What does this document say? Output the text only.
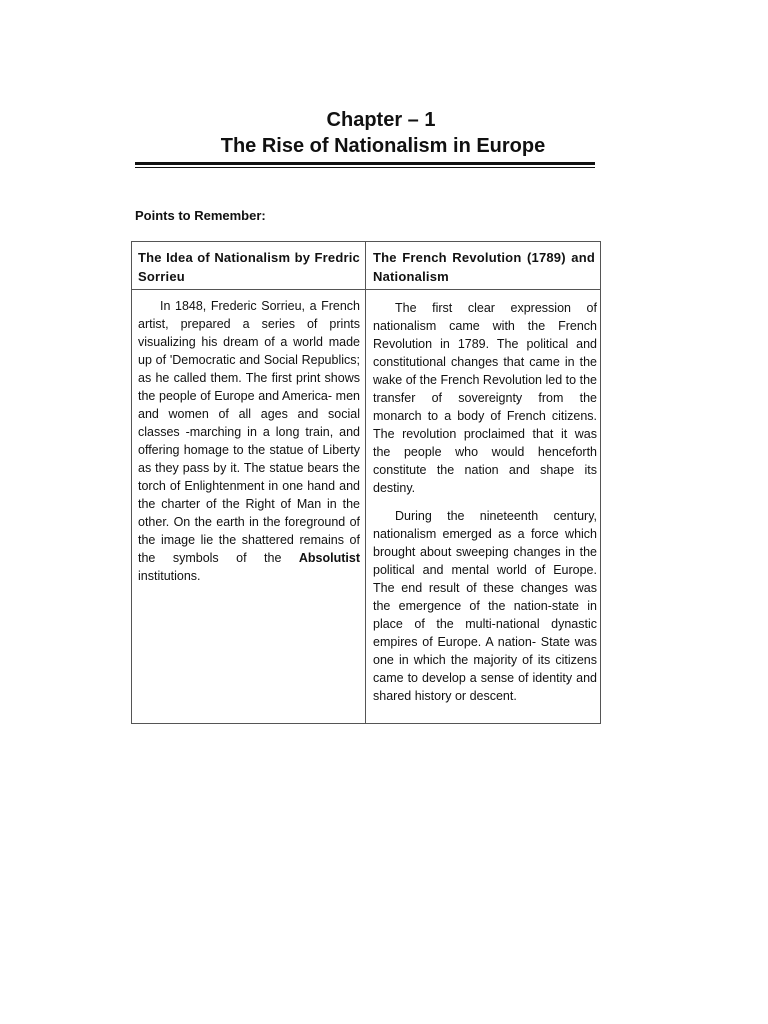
Chapter – 1
The Rise of Nationalism in Europe
Points to Remember:
The Idea of Nationalism by Fredric Sorrieu
The French Revolution (1789) and Nationalism

In 1848, Frederic Sorrieu, a French artist, prepared a series of prints visualizing his dream of a world made up of 'Democratic and Social Republics; as he called them. The first print shows the people of Europe and America- men and women of all ages and social classes -marching in a long train, and offering homage to the statue of Liberty as they pass by it. The statue bears the torch of Enlightenment in one hand and the charter of the Right of Man in the other. On the earth in the foreground of the image lie the shattered remains of the symbols of the Absolutist institutions.

The first clear expression of nationalism came with the French Revolution in 1789. The political and constitutional changes that came in the wake of the French Revolution led to the transfer of sovereignty from the monarch to a body of French citizens. The revolution proclaimed that it was the people who would henceforth constitute the nation and shape its destiny.

During the nineteenth century, nationalism emerged as a force which brought about sweeping changes in the political and mental world of Europe. The end result of these changes was the emergence of the nation-state in place of the multi-national dynastic empires of Europe. A nation- State was one in which the majority of its citizens came to develop a sense of identity and shared history or descent.
